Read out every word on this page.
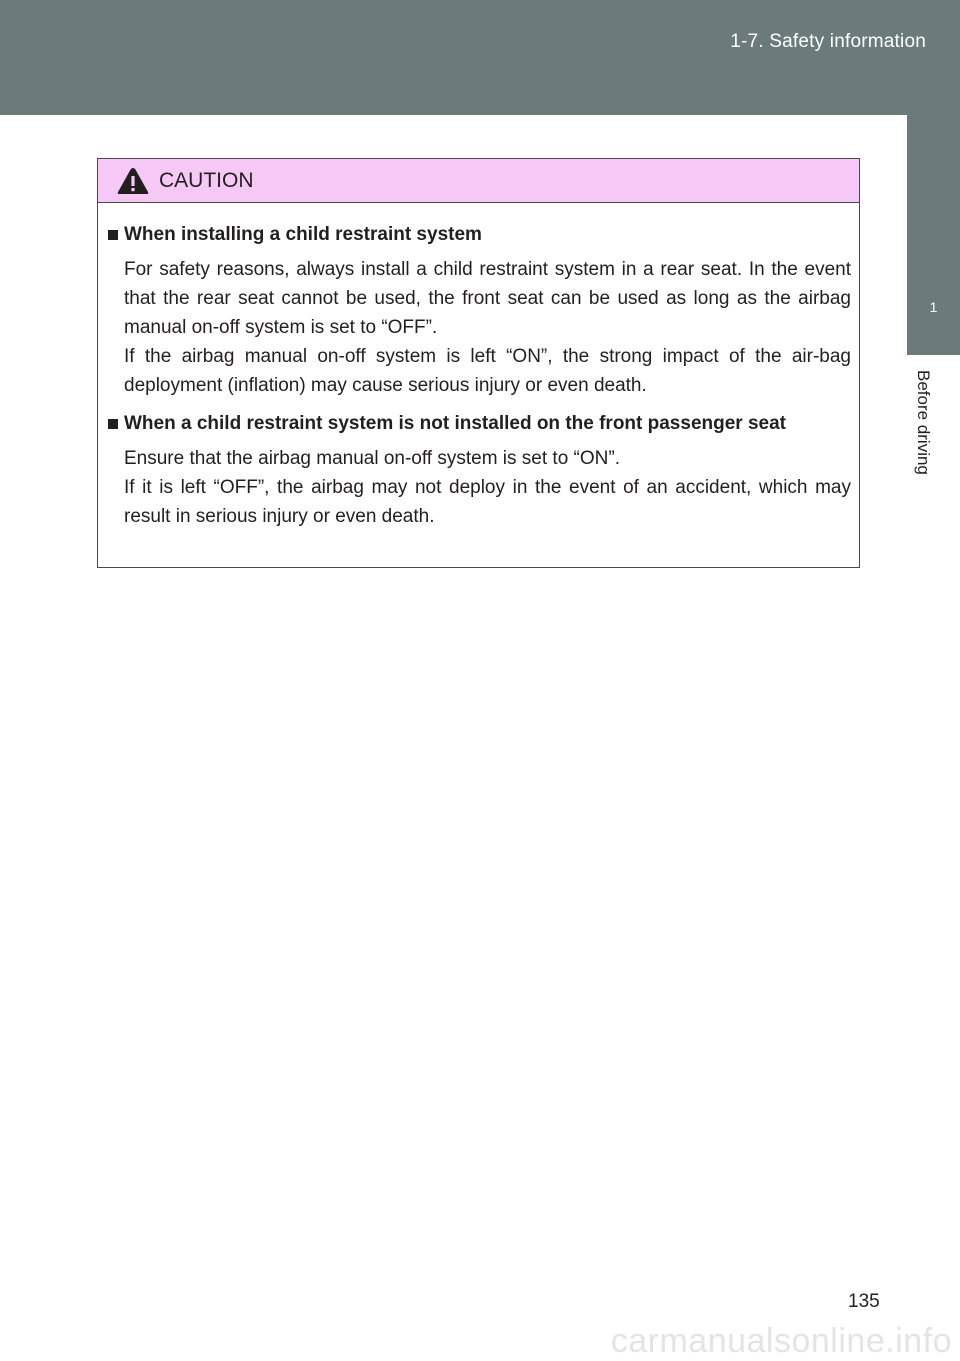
1-7. Safety information
1
Before driving
CAUTION
When installing a child restraint system

For safety reasons, always install a child restraint system in a rear seat. In the event that the rear seat cannot be used, the front seat can be used as long as the airbag manual on-off system is set to “OFF”.

If the airbag manual on-off system is left “ON”, the strong impact of the air-bag deployment (inflation) may cause serious injury or even death.

When a child restraint system is not installed on the front passenger seat

Ensure that the airbag manual on-off system is set to “ON”.

If it is left “OFF”, the airbag may not deploy in the event of an accident, which may result in serious injury or even death.

135
carmanualsonline.info
